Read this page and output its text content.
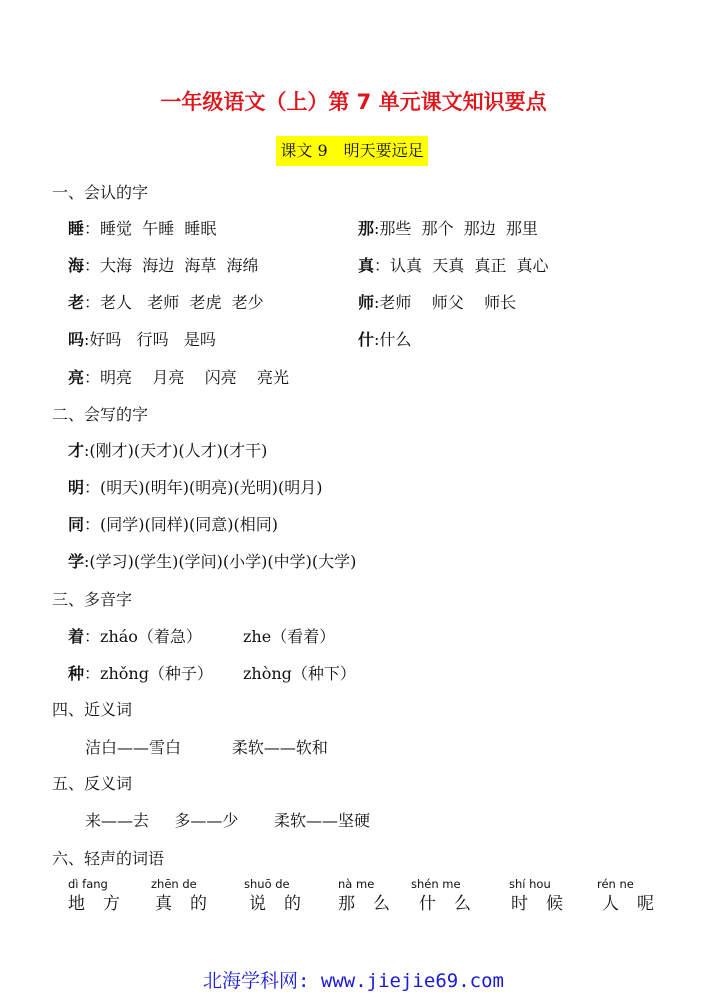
一年级语文（上）第 7 单元课文知识要点
课文 9　明天要远足
一、会认的字
睡：睡觉  午睡  睡眠
海：大海  海边  海草  海绵
老：老人   老师  老虎  老少
吗:好吗   行吗   是吗
亮：明亮    月亮    闪亮    亮光
那:那些  那个  那边  那里
真：认真  天真  真正  真心
师:老师    师父    师长
什:什么
二、会写的字
才:(刚才)(天才)(人才)(才干)
明：(明天)(明年)(明亮)(光明)(明月)
同：(同学)(同样)(同意)(相同)
学:(学习)(学生)(学问)(小学)(中学)(大学)
三、多音字
着：zháo（着急）	zhe（看着）
种：zhǒng（种子） zhòng（种下）
四、近义词
洁白——雪白          柔软——软和
五、反义词
来——去     多——少       柔软——坚硬
六、轻声的词语
dì fang
地方
zhēn de
真的
shuō de
说的
nà me
那么
shén me
什么
shí hou
时候
rén ne
人呢
北海学科网: www.jiejie69.com
